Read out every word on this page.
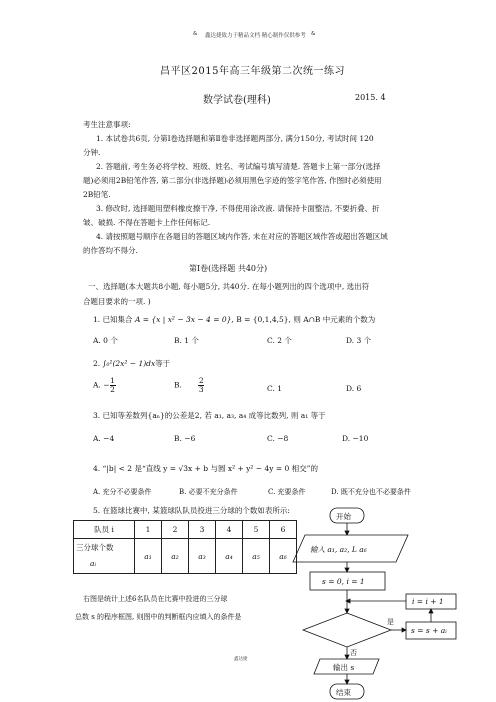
& 鑫达捷致力于精品文档 精心制作仅供参考 &
昌平区2015年高三年级第二次统一练习
数学试卷(理科)	2015. 4
考生注意事项:
1. 本试卷共6页, 分第Ⅰ卷选择题和第Ⅱ卷非选择题两部分, 满分150分, 考试时间 120
分钟.
2. 答题前, 考生务必将学校、班级、姓名、考试编号填写清楚. 答题卡上第一部分(选择
题)必须用2B铅笔作答, 第二部分(非选择题)必须用黑色字迹的签字笔作答, 作图时必须使用
2B铅笔.
3. 修改时, 选择题用塑料橡皮擦干净, 不得使用涂改液. 请保持卡面整洁, 不要折叠、折
皱、破损. 不得在答题卡上作任何标记.
4. 请按照题号顺序在各题目的答题区域内作答, 未在对应的答题区域作答或超出答题区域
的作答均不得分.
第Ⅰ卷(选择题 共40分)
一、选择题(本大题共8小题, 每小题5分, 共40分. 在每小题列出的四个选项中, 选出符
合题目要求的一项. )
1. 已知集合 A = {x | x² − 3x − 4 = 0}, B = {0,1,4,5}, 则 A∩B 中元素的个数为
A. 0 个	B. 1 个	C. 2 个	D. 3 个
2. ∫₀¹(2x² − 1)dx等于
A. − $\frac{1}{2}$	B. $\frac{2}{3}$	C. 1	D. 6
3. 已知等差数列{aₙ}的公差是2, 若 a₁, a₃, a₄ 成等比数列, 则 a₁ 等于
A. −4	B. −6	C. −8	D. −10
4. “|b| < 2 是“直线 y = √3x + b 与圆 x² + y² − 4y = 0 相交”的
A. 充分不必要条件	B. 必要不充分条件	C. 充要条件	D. 既不充分也不必要条件
5. 在篮球比赛中, 某篮球队队员投进三分球的个数如表所示:
队员 i	1	2	3	4	5	6
三分球个数
aᵢ	a₁	a₂	a₃	a₄	a₅	a₆
右图是统计上述6名队员在比赛中投进的三分球
总数 s 的程序框图, 则图中的判断框内应填入的条件是
开始
输入 a₁, a₂, L a₆
s = 0, i = 1
i = i + 1
是
s = s + aᵢ
否
输出 s
结束
鑫达捷
